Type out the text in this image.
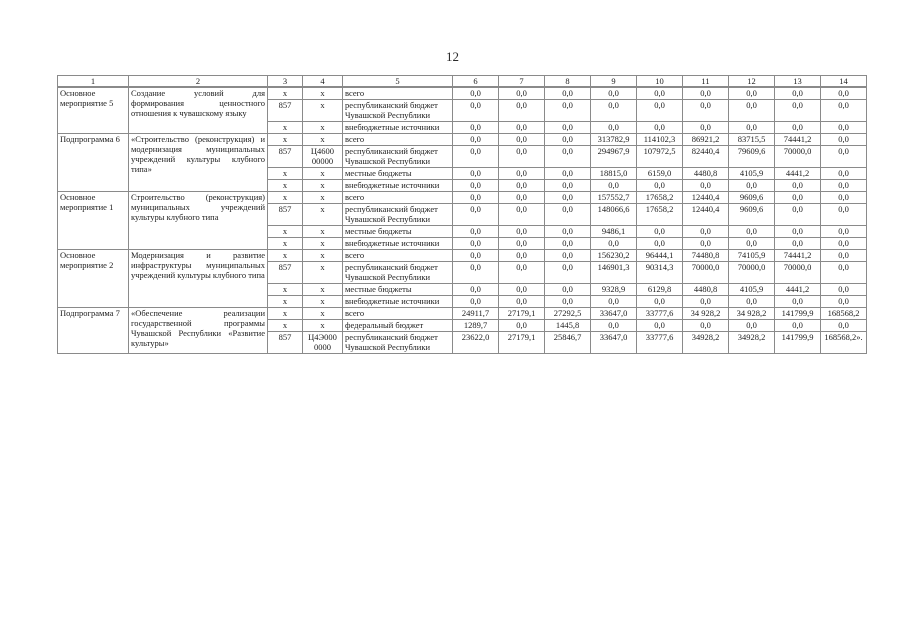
12
1	2	3	4	5	6	7	8	9	10	11	12	13	14
Основное мероприятие 5	Создание условий для формирования ценностного отношения к чувашскому языку	х	х	всего	0,0	0,0	0,0	0,0	0,0	0,0	0,0	0,0	0,0
		857	х	республиканский бюджет Чувашской Республики	0,0	0,0	0,0	0,0	0,0	0,0	0,0	0,0	0,0
		х	х	внебюджетные источники	0,0	0,0	0,0	0,0	0,0	0,0	0,0	0,0	0,0
Подпрограмма 6	«Строительство (реконструкция) и модернизация муниципальных учреждений культуры клубного типа»	х	х	всего	0,0	0,0	0,0	313782,9	114102,3	86921,2	83715,5	74441,2	0,0
		857	Ц4600 00000	республиканский бюджет Чувашской Республики	0,0	0,0	0,0	294967,9	107972,5	82440,4	79609,6	70000,0	0,0
		х	х	местные бюджеты	0,0	0,0	0,0	18815,0	6159,0	4480,8	4105,9	4441,2	0,0
		х	х	внебюджетные источники	0,0	0,0	0,0	0,0	0,0	0,0	0,0	0,0	0,0
Основное мероприятие 1	Строительство (реконструкция) муниципальных учреждений культуры клубного типа	х	х	всего	0,0	0,0	0,0	157552,7	17658,2	12440,4	9609,6	0,0	0,0
		857	х	республиканский бюджет Чувашской Республики	0,0	0,0	0,0	148066,6	17658,2	12440,4	9609,6	0,0	0,0
		х	х	местные бюджеты	0,0	0,0	0,0	9486,1	0,0	0,0	0,0	0,0	0,0
		х	х	внебюджетные источники	0,0	0,0	0,0	0,0	0,0	0,0	0,0	0,0	0,0
Основное мероприятие 2	Модернизация и развитие инфраструктуры муниципальных учреждений культуры клубного типа	х	х	всего	0,0	0,0	0,0	156230,2	96444,1	74480,8	74105,9	74441,2	0,0
		857	х	республиканский бюджет Чувашской Республики	0,0	0,0	0,0	146901,3	90314,3	70000,0	70000,0	70000,0	0,0
		х	х	местные бюджеты	0,0	0,0	0,0	9328,9	6129,8	4480,8	4105,9	4441,2	0,0
		х	х	внебюджетные источники	0,0	0,0	0,0	0,0	0,0	0,0	0,0	0,0	0,0
Подпрограмма 7	«Обеспечение реализации государственной программы Чувашской Республики «Развитие культуры»	х	х	всего	24911,7	27179,1	27292,5	33647,0	33777,6	34 928,2	34 928,2	141799,9	168568,2
		х	х	федеральный бюджет	1289,7	0,0	1445,8	0,0	0,0	0,0	0,0	0,0	0,0
		857	Ц4Э000 0000	республиканский бюджет Чувашской Республики	23622,0	27179,1	25846,7	33647,0	33777,6	34928,2	34928,2	141799,9	168568,2».
